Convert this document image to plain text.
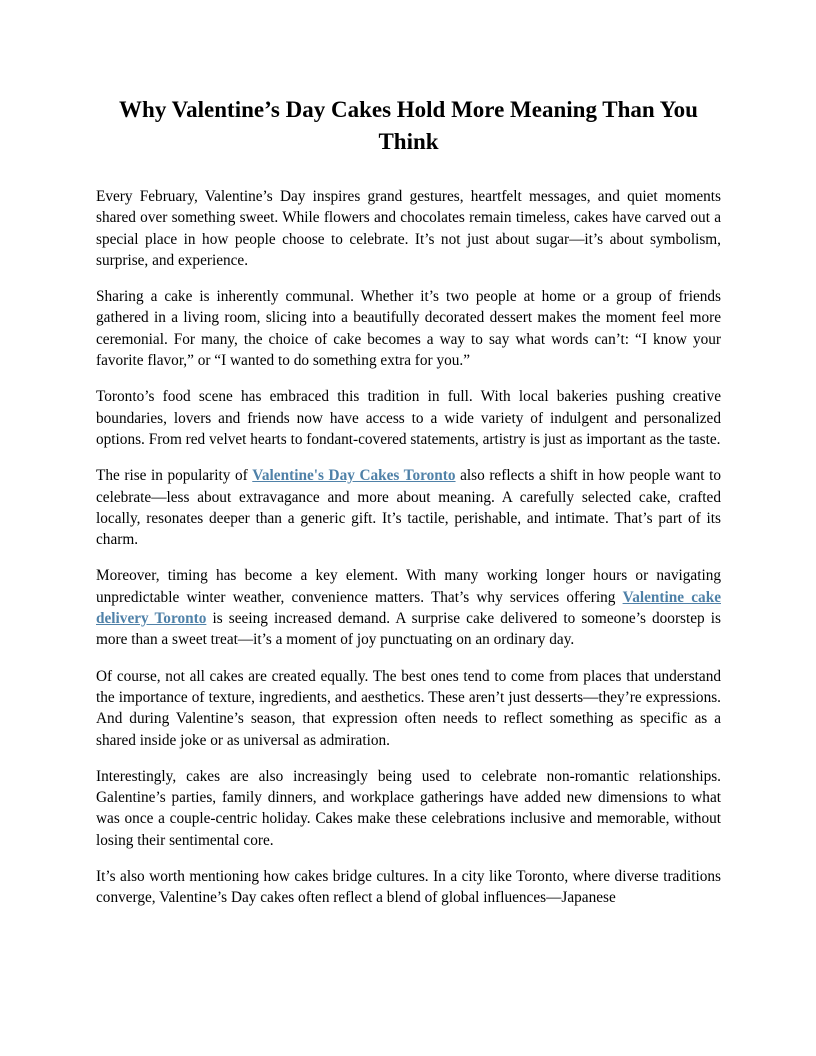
Why Valentine’s Day Cakes Hold More Meaning Than You Think

Every February, Valentine’s Day inspires grand gestures, heartfelt messages, and quiet moments shared over something sweet. While flowers and chocolates remain timeless, cakes have carved out a special place in how people choose to celebrate. It’s not just about sugar—it’s about symbolism, surprise, and experience.

Sharing a cake is inherently communal. Whether it’s two people at home or a group of friends gathered in a living room, slicing into a beautifully decorated dessert makes the moment feel more ceremonial. For many, the choice of cake becomes a way to say what words can’t: “I know your favorite flavor,” or “I wanted to do something extra for you.”

Toronto’s food scene has embraced this tradition in full. With local bakeries pushing creative boundaries, lovers and friends now have access to a wide variety of indulgent and personalized options. From red velvet hearts to fondant-covered statements, artistry is just as important as the taste.

The rise in popularity of Valentine's Day Cakes Toronto also reflects a shift in how people want to celebrate—less about extravagance and more about meaning. A carefully selected cake, crafted locally, resonates deeper than a generic gift. It’s tactile, perishable, and intimate. That’s part of its charm.

Moreover, timing has become a key element. With many working longer hours or navigating unpredictable winter weather, convenience matters. That’s why services offering Valentine cake delivery Toronto is seeing increased demand. A surprise cake delivered to someone’s doorstep is more than a sweet treat—it’s a moment of joy punctuating on an ordinary day.

Of course, not all cakes are created equally. The best ones tend to come from places that understand the importance of texture, ingredients, and aesthetics. These aren’t just desserts—they’re expressions. And during Valentine’s season, that expression often needs to reflect something as specific as a shared inside joke or as universal as admiration.

Interestingly, cakes are also increasingly being used to celebrate non-romantic relationships. Galentine’s parties, family dinners, and workplace gatherings have added new dimensions to what was once a couple-centric holiday. Cakes make these celebrations inclusive and memorable, without losing their sentimental core.

It’s also worth mentioning how cakes bridge cultures. In a city like Toronto, where diverse traditions converge, Valentine’s Day cakes often reflect a blend of global influences—Japanese
